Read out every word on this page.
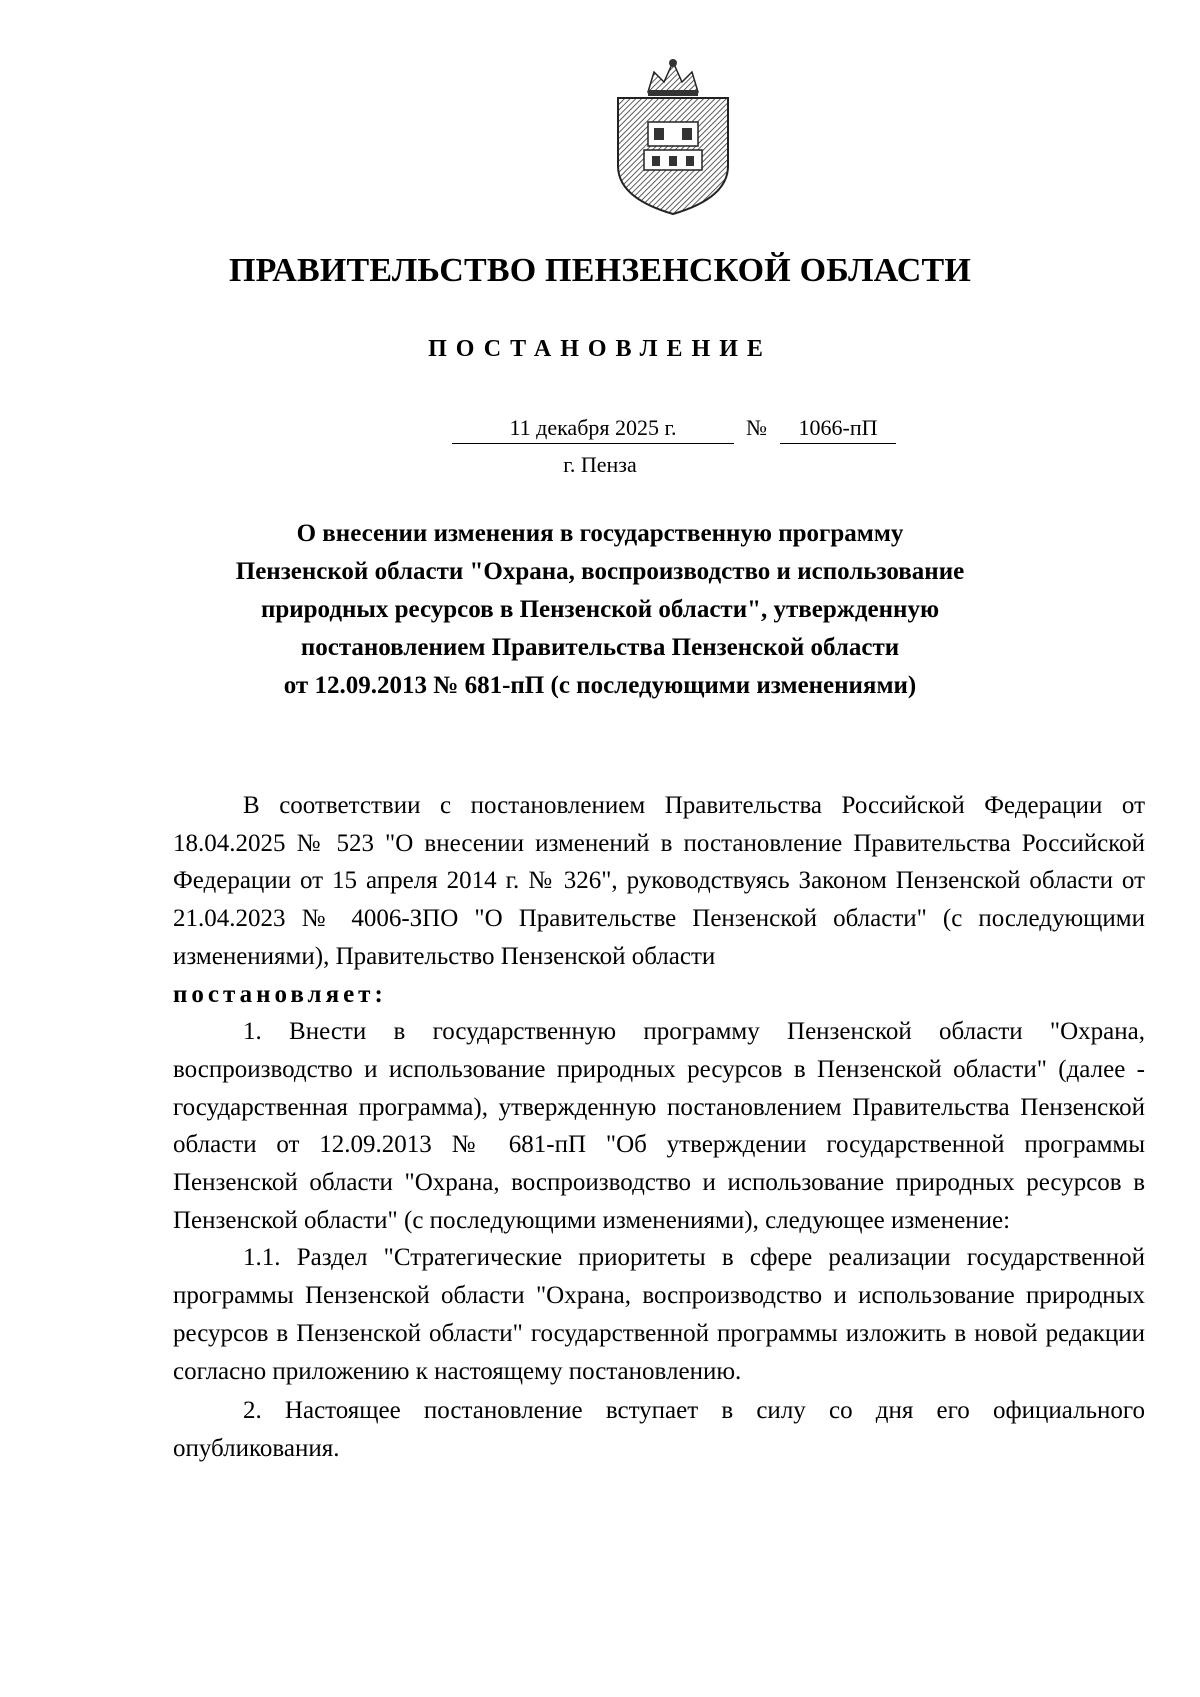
ПРАВИТЕЛЬСТВО ПЕНЗЕНСКОЙ ОБЛАСТИ
ПОСТАНОВЛЕНИЕ
11 декабря 2025 г.	№	1066-пП
г. Пенза
О внесении изменения в государственную программу
Пензенской области "Охрана, воспроизводство и использование
природных ресурсов в Пензенской области", утвержденную
постановлением Правительства Пензенской области
от 12.09.2013 № 681-пП (с последующими изменениями)

В соответствии с постановлением Правительства Российской Федерации от 18.04.2025 № 523 "О внесении изменений в постановление Правительства Российской Федерации от 15 апреля 2014 г. № 326", руководствуясь Законом Пензенской области от 21.04.2023 № 4006-ЗПО "О Правительстве Пензенской области" (с последующими изменениями), Правительство Пензенской области

постановляет:

1. Внести в государственную программу Пензенской области "Охрана, воспроизводство и использование природных ресурсов в Пензенской области" (далее - государственная программа), утвержденную постановлением Правительства Пензенской области от 12.09.2013 № 681-пП "Об утверждении государственной программы Пензенской области "Охрана, воспроизводство и использование природных ресурсов в Пензенской области" (с последующими изменениями), следующее изменение:

1.1. Раздел "Стратегические приоритеты в сфере реализации государственной программы Пензенской области "Охрана, воспроизводство и использование природных ресурсов в Пензенской области" государственной программы изложить в новой редакции согласно приложению к настоящему постановлению.

2. Настоящее постановление вступает в силу со дня его официального опубликования.
